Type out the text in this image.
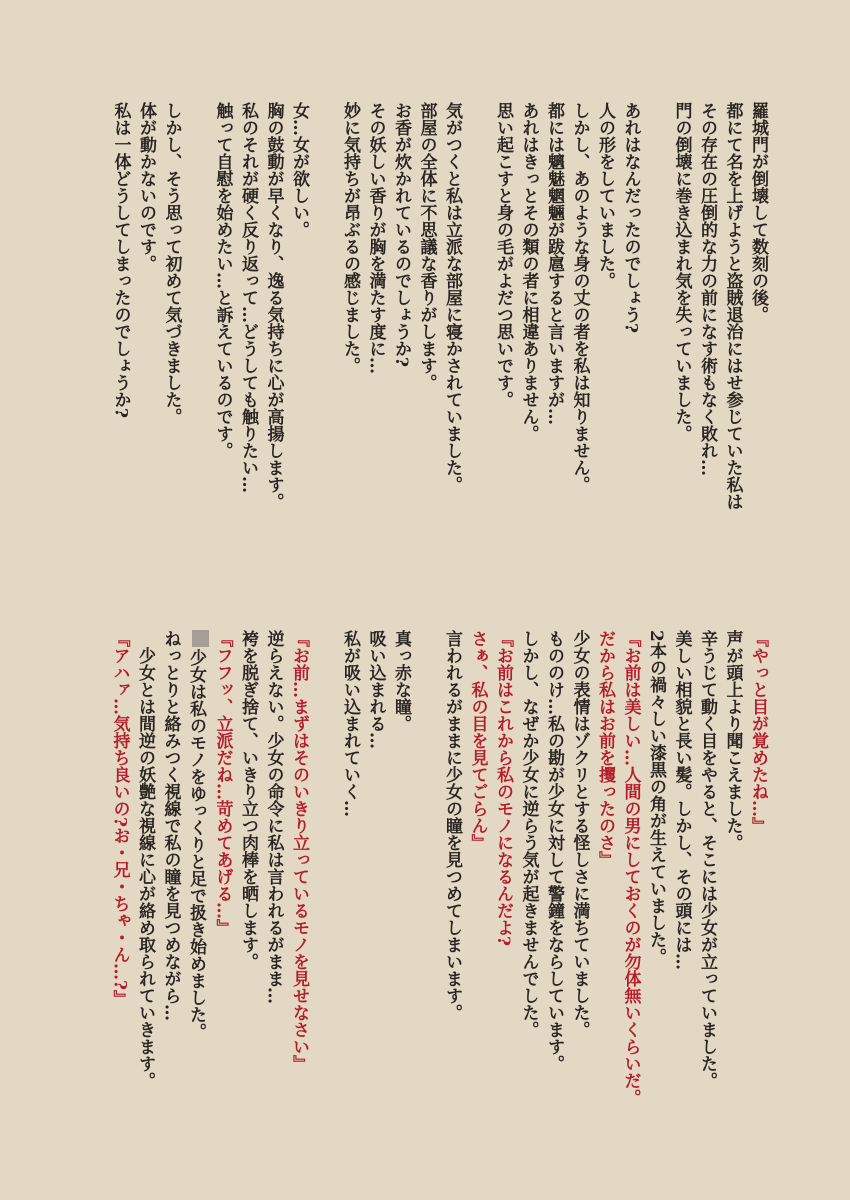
羅城門が倒壊して数刻の後。
都にて名を上げようと盗賊退治にはせ参じていた私は
その存在の圧倒的な力の前になす術もなく敗れ…
門の倒壊に巻き込まれ気を失っていました。
あれはなんだったのでしょう?
人の形をしていました。
しかし、あのような身の丈の者を私は知りません。
都には魑魅魍魎が跋扈すると言いますが…
あれはきっとその類の者に相違ありません。
思い起こすと身の毛がよだつ思いです。
気がつくと私は立派な部屋に寝かされていました。
部屋の全体に不思議な香りがします。
お香が炊かれているのでしょうか?
その妖しい香りが胸を満たす度に…
妙に気持ちが昂ぶるの感じました。
女…女が欲しい。
胸の鼓動が早くなり、逸る気持ちに心が高揚します。
私のそれが硬く反り返って…どうしても触りたい…
触って自慰を始めたい…と訴えているのです。
しかし、そう思って初めて気づきました。
体が動かないのです。
私は一体どうしてしまったのでしょうか?
『やっと目が覚めたね…』
声が頭上より聞こえました。
辛うじて動く目をやると、そこには少女が立っていました。
美しい相貌と長い髪。しかし、その頭には…
2本の禍々しい漆黒の角が生えていました。
『お前は美しい…人間の男にしておくのが勿体無いくらいだ。
だから私はお前を攫ったのさ』
少女の表情はゾクリとする怪しさに満ちていました。
もののけ…私の勘が少女に対して警鐘をならしています。
しかし、なぜか少女に逆らう気が起きませんでした。
『お前はこれから私のモノになるんだよ?
さぁ、私の目を見てごらん』
言われるがままに少女の瞳を見つめてしまいます。
真っ赤な瞳。
吸い込まれる…
私が吸い込まれていく…
『お前…まずはそのいきり立っているモノを見せなさい』
逆らえない。少女の命令に私は言われるがまま…
袴を脱ぎ捨て、いきり立つ肉棒を晒します。
『フフッ、立派だね…苛めてあげる…』
少女は私のモノをゆっくりと足で扱き始めました。
ねっとりと絡みつく視線で私の瞳を見つめながら…
少女とは間逆の妖艶な視線に心が絡め取られていきます。
『アハァ…気持ち良いの?お・兄・ちゃ・ん…?』
